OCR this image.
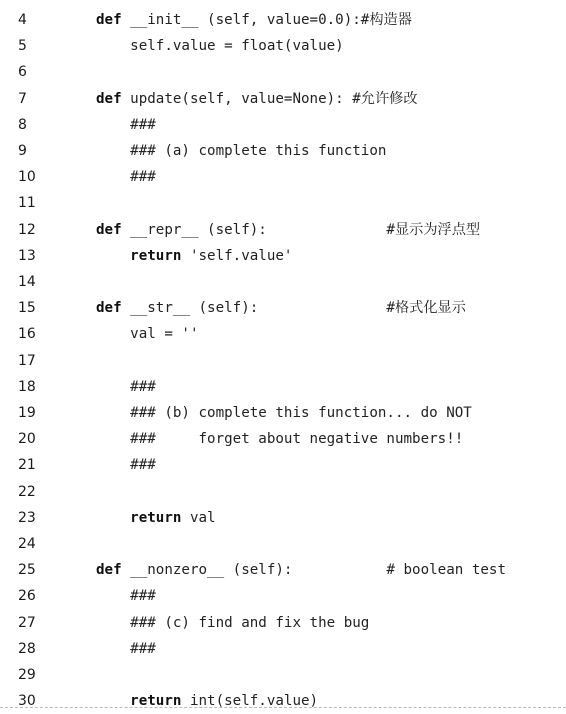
4	def __init__ (self, value=0.0):#构造器
5	self.value = float(value)
6
7	def update(self, value=None): #允许修改
8	###
9	### (a) complete this function
10	###
11
12	def __repr__ (self):              #显示为浮点型
13	return 'self.value'
14
15	def __str__ (self):               #格式化显示
16	val = ''
17
18	###
19	### (b) complete this function... do NOT
20	###     forget about negative numbers!!
21	###
22
23	return val
24
25	def __nonzero__ (self):           # boolean test
26	###
27	### (c) find and fix the bug
28	###
29
30	return int(self.value)
